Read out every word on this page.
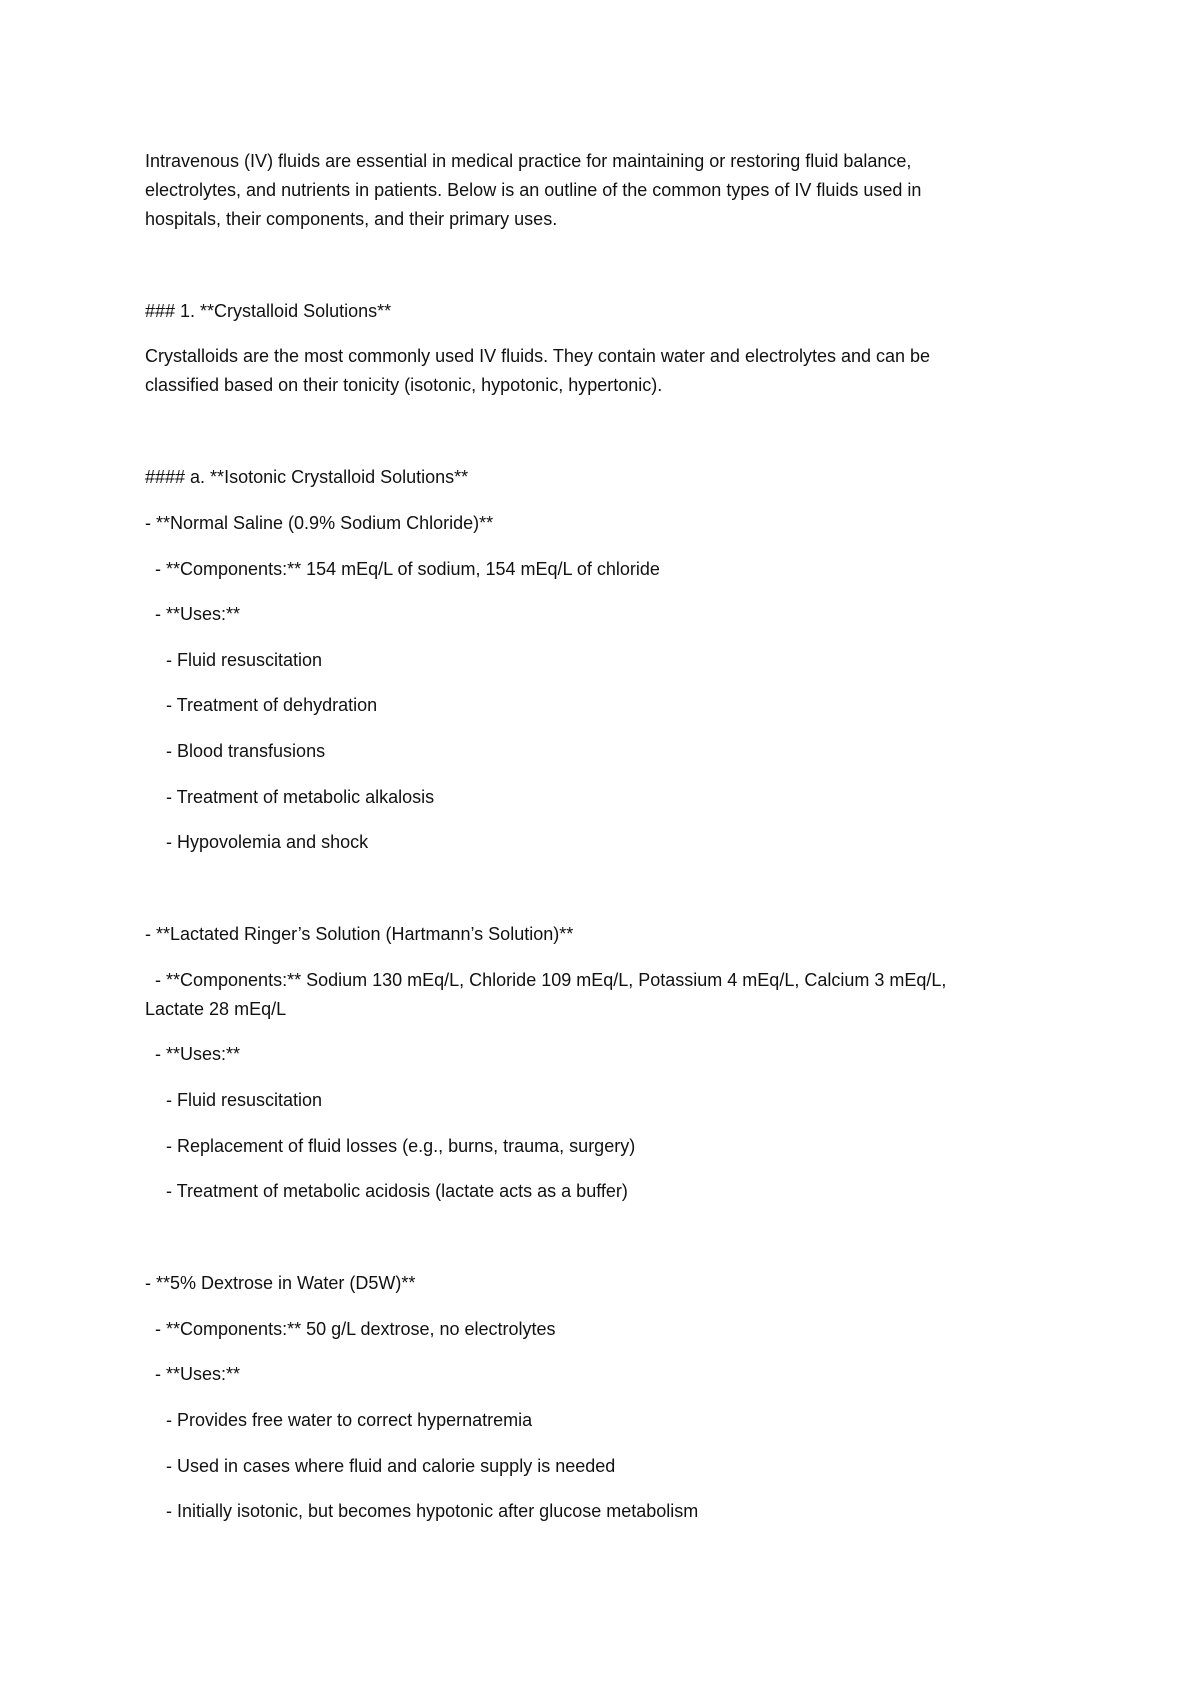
Intravenous (IV) fluids are essential in medical practice for maintaining or restoring fluid balance,

electrolytes, and nutrients in patients. Below is an outline of the common types of IV fluids used in

hospitals, their components, and their primary uses.

### 1. **Crystalloid Solutions**

Crystalloids are the most commonly used IV fluids. They contain water and electrolytes and can be

classified based on their tonicity (isotonic, hypotonic, hypertonic).

#### a. **Isotonic Crystalloid Solutions**

- **Normal Saline (0.9% Sodium Chloride)**

- **Components:** 154 mEq/L of sodium, 154 mEq/L of chloride

- **Uses:**

- Fluid resuscitation

- Treatment of dehydration

- Blood transfusions

- Treatment of metabolic alkalosis

- Hypovolemia and shock

- **Lactated Ringer’s Solution (Hartmann’s Solution)**

- **Components:** Sodium 130 mEq/L, Chloride 109 mEq/L, Potassium 4 mEq/L, Calcium 3 mEq/L,

Lactate 28 mEq/L

- **Uses:**

- Fluid resuscitation

- Replacement of fluid losses (e.g., burns, trauma, surgery)

- Treatment of metabolic acidosis (lactate acts as a buffer)

- **5% Dextrose in Water (D5W)**

- **Components:** 50 g/L dextrose, no electrolytes

- **Uses:**

- Provides free water to correct hypernatremia

- Used in cases where fluid and calorie supply is needed

- Initially isotonic, but becomes hypotonic after glucose metabolism
